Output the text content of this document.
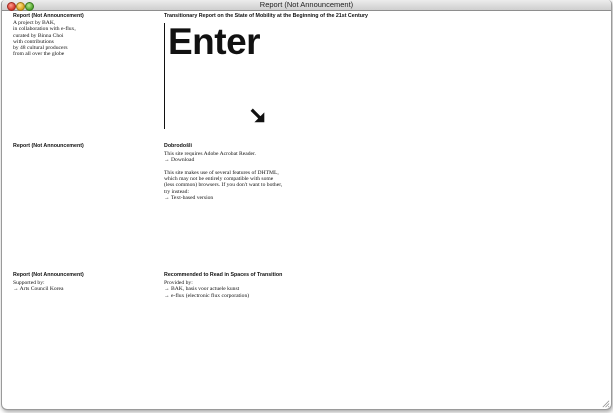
Report (Not Announcement)
Report (Not Announcement)
A project by BAK,
in collaboration with e-flux,
curated by Binna Choi
with contributions
by 48 cultural producers
from all over the globe
Transitionary Report on the State of Mobility at the Beginning of the 21st Century
Enter
Report (Not Announcement)	Dobrodošli
This site requires Adobe Acrobat Reader.
→ Download
This site makes use of several features of DHTML,
which may not be entirely compatible with some
(less common) browsers. If you don't want to bother,
try instead:
→ Text-based version
Report (Not Announcement)
Supported by:
→ Arts Council Korea
Recommended to Read in Spaces of Transition
Provided by:
→ BAK, basis voor actuele kunst
→ e-flux (electronic flux corporation)
